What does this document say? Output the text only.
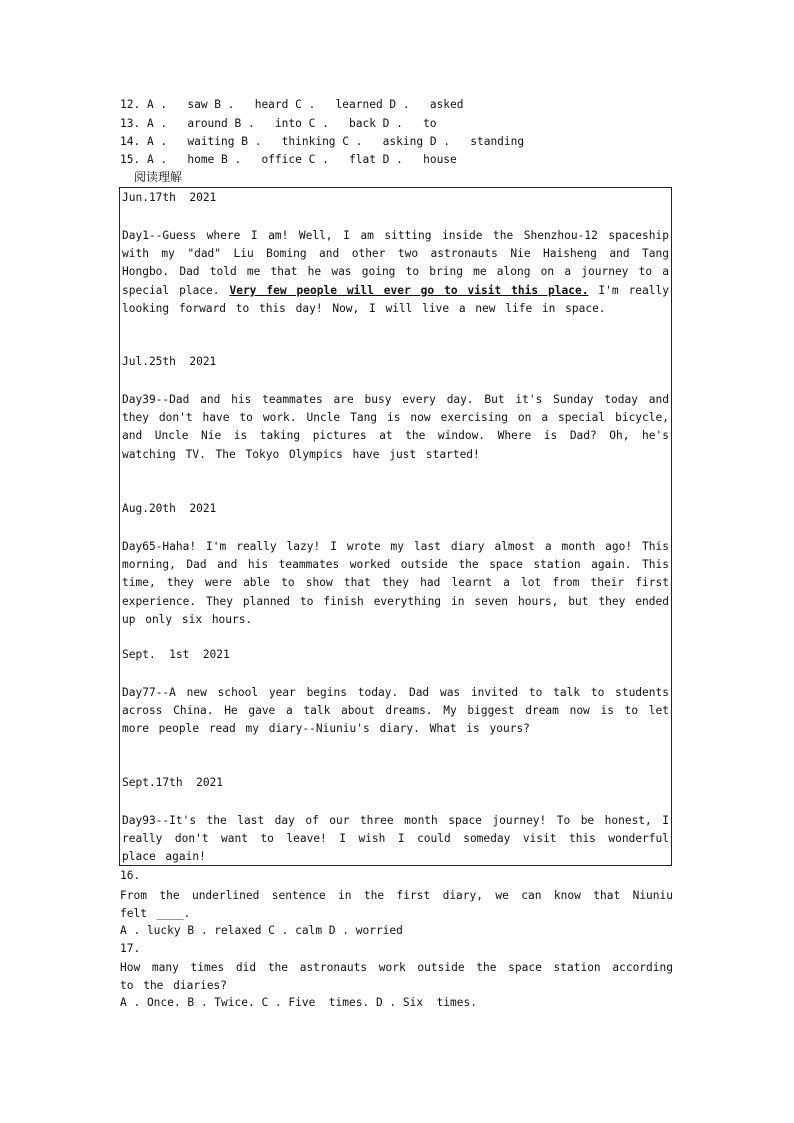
12. A .   saw B .   heard C .   learned D .   asked
13. A .   around B .   into C .   back D .   to
14. A .   waiting B .   thinking C .   asking D .   standing
15. A .   home B .   office C .   flat D .   house
阅读理解
Jun.17th  2021

Day1--Guess where I am! Well, I am sitting inside the Shenzhou-12 spaceship with my "dad" Liu Boming and other two astronauts Nie Haisheng and Tang Hongbo. Dad told me that he was going to bring me along on a journey to a special place. Very few people will ever go to visit this place. I'm really looking forward to this day! Now, I will live a new life in space.

Jul.25th  2021

Day39--Dad and his teammates are busy every day. But it's Sunday today and they don't have to work. Uncle Tang is now exercising on a special bicycle, and Uncle Nie is taking pictures at the window. Where is Dad? Oh, he's watching TV. The Tokyo Olympics have just started!

Aug.20th  2021

Day65-Haha! I'm really lazy! I wrote my last diary almost a month ago! This morning, Dad and his teammates worked outside the space station again. This time, they were able to show that they had learnt a lot from their first experience. They planned to finish everything in seven hours, but they ended up only six hours.

Sept.  1st  2021

Day77--A new school year begins today. Dad was invited to talk to students across China. He gave a talk about dreams. My biggest dream now is to let more people read my diary--Niuniu's diary. What is yours?

Sept.17th  2021

Day93--It's the last day of our three month space journey! To be honest, I really don't want to leave! I wish I could someday visit this wonderful place again!

16.

From the underlined sentence in the first diary, we can know that Niuniu felt ____.

A . lucky B . relaxed C . calm D . worried
17.

How many times did the astronauts work outside the space station according to the diaries?

A . Once. B . Twice. C . Five  times. D . Six  times.
